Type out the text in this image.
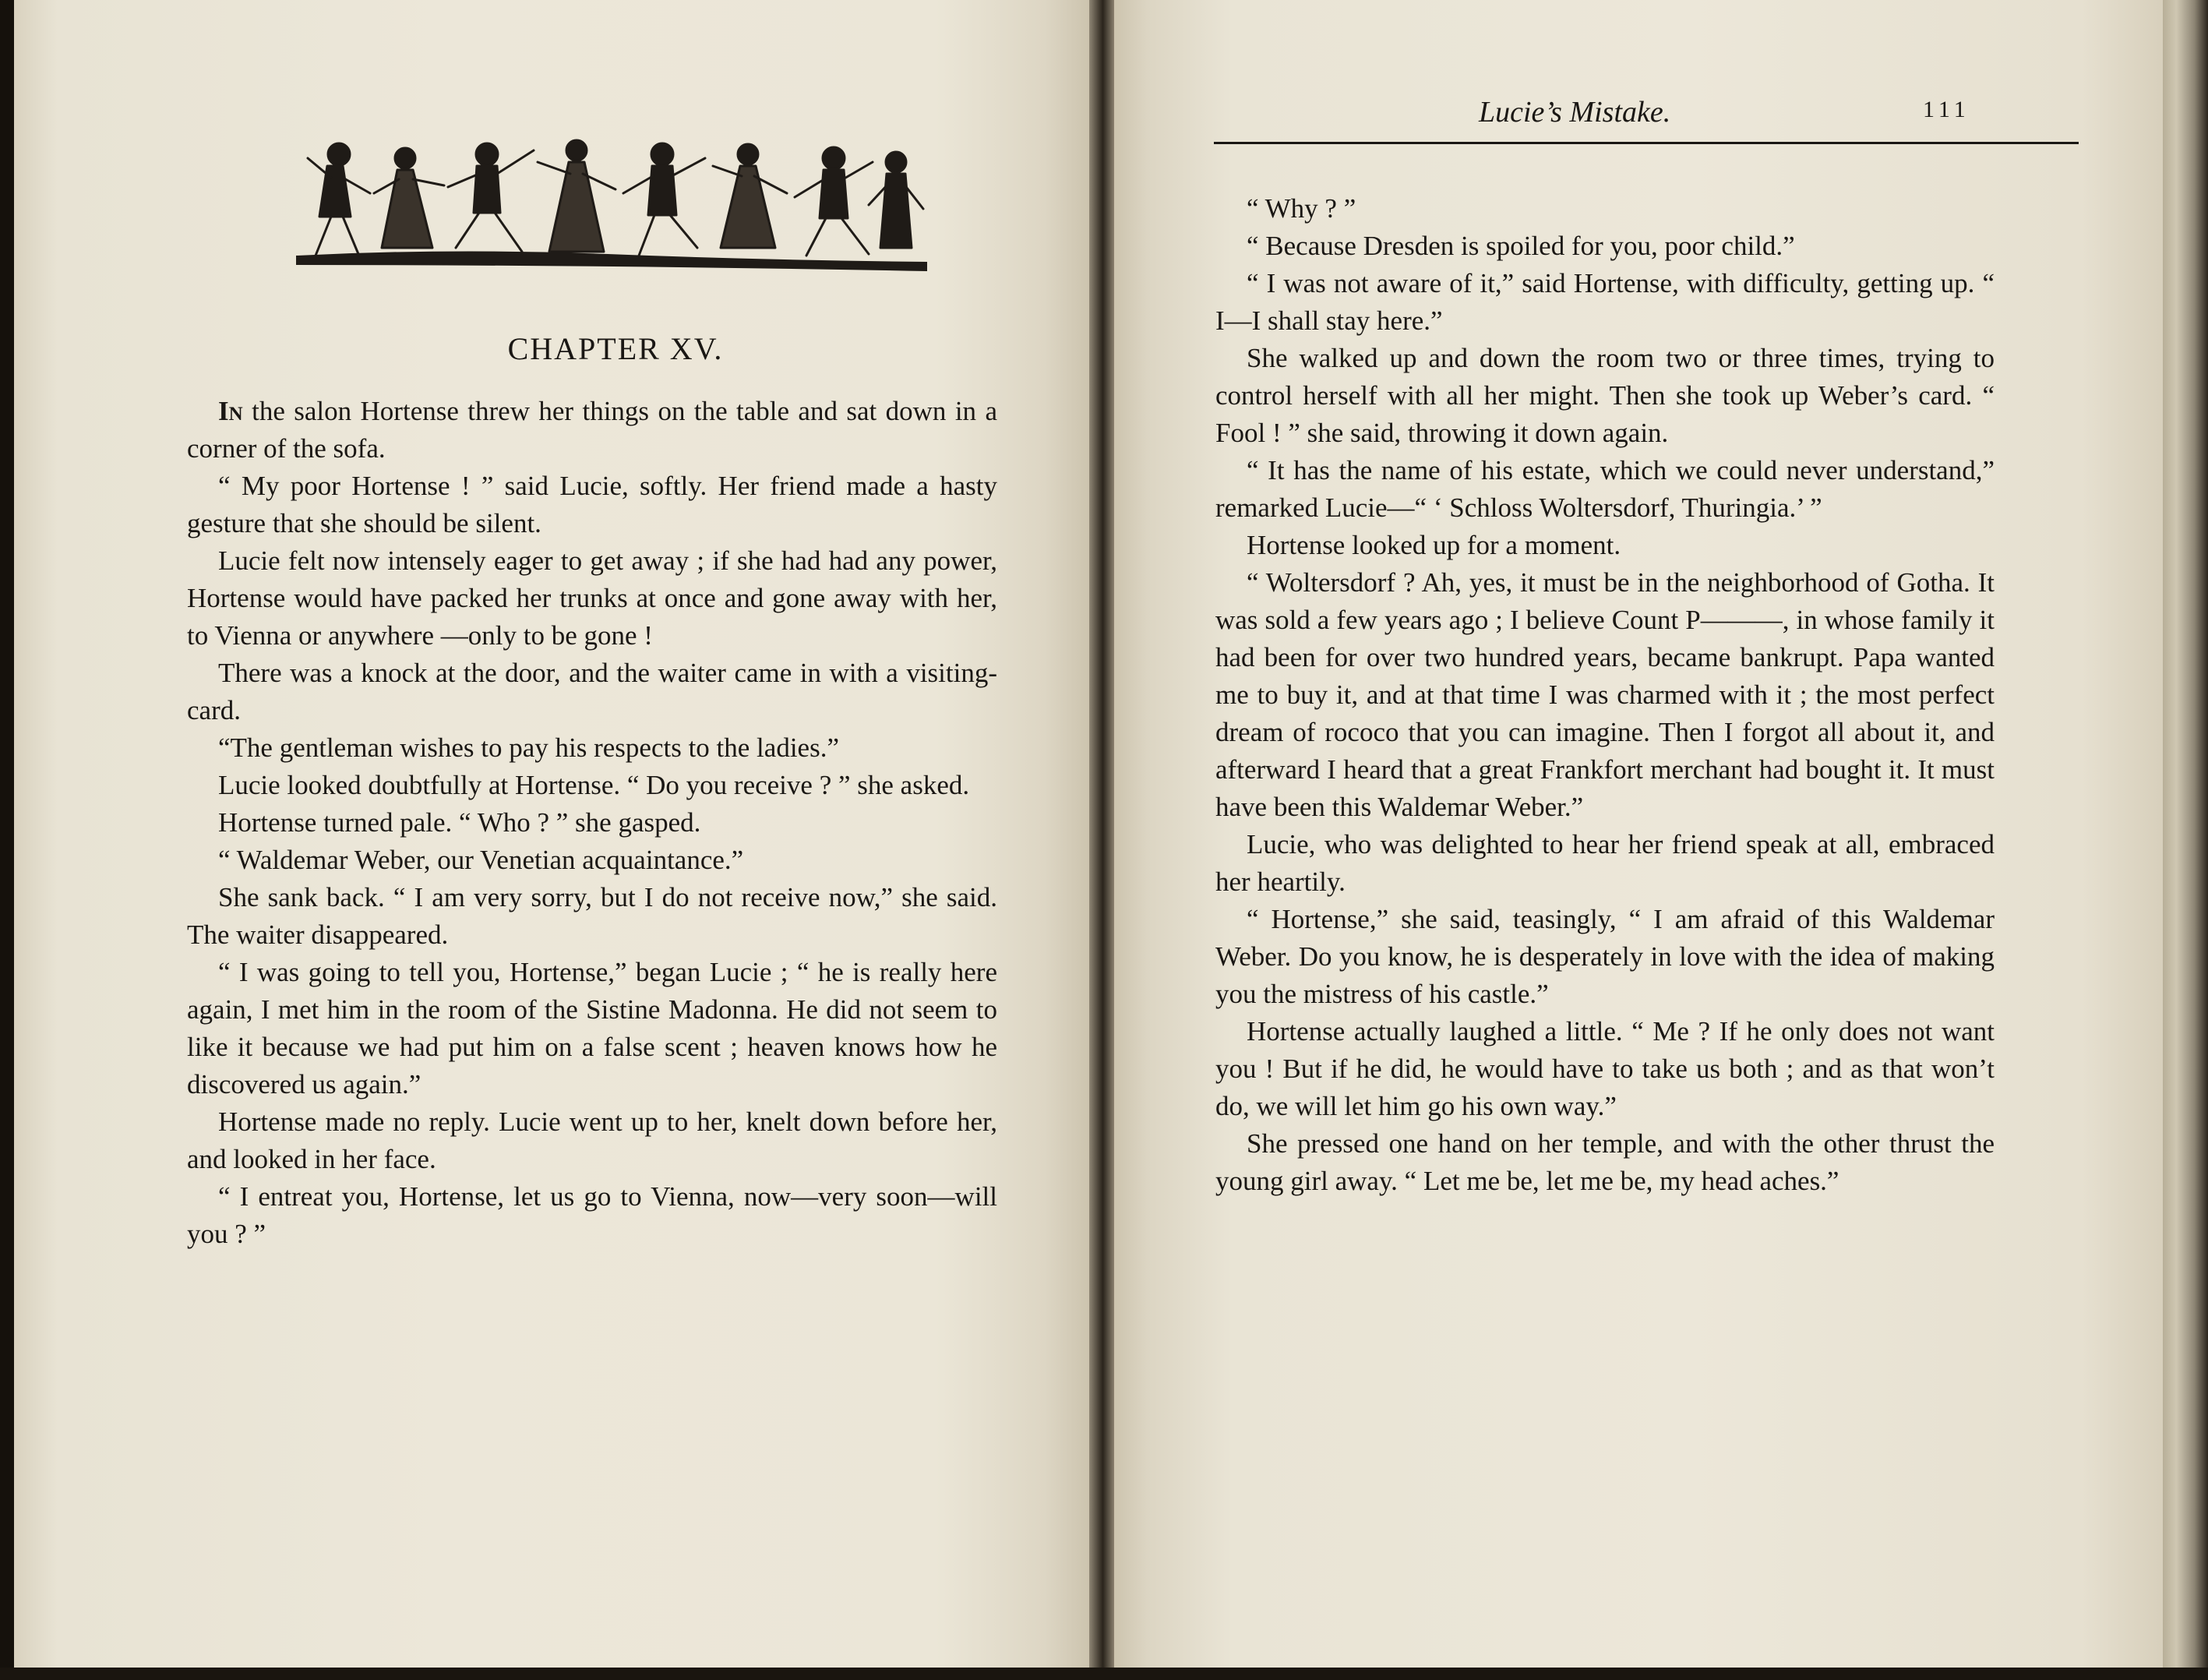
CHAPTER XV.

In the salon Hortense threw her things on the table and sat down in a corner of the sofa.

“ My poor Hortense ! ” said Lucie, softly. Her friend made a hasty gesture that she should be silent.

Lucie felt now intensely eager to get away ; if she had had any power, Hortense would have packed her trunks at once and gone away with her, to Vienna or anywhere —only to be gone !

There was a knock at the door, and the waiter came in with a visiting-card.

“The gentleman wishes to pay his respects to the ladies.”

Lucie looked doubtfully at Hortense. “ Do you receive ? ” she asked.

Hortense turned pale. “ Who ? ” she gasped.

“ Waldemar Weber, our Venetian acquaintance.”

She sank back. “ I am very sorry, but I do not receive now,” she said. The waiter disappeared.

“ I was going to tell you, Hortense,” began Lucie ; “ he is really here again, I met him in the room of the Sistine Madonna. He did not seem to like it because we had put him on a false scent ; heaven knows how he discovered us again.”

Hortense made no reply. Lucie went up to her, knelt down before her, and looked in her face.

“ I entreat you, Hortense, let us go to Vienna, now—very soon—will you ? ”

Lucie’s Mistake.	111

“ Why ? ”

“ Because Dresden is spoiled for you, poor child.”

“ I was not aware of it,” said Hortense, with difficulty, getting up. “ I—I shall stay here.”

She walked up and down the room two or three times, trying to control herself with all her might. Then she took up Weber’s card. “ Fool ! ” she said, throwing it down again.

“ It has the name of his estate, which we could never understand,” remarked Lucie—“ ‘ Schloss Woltersdorf, Thuringia.’ ”

Hortense looked up for a moment.

“ Woltersdorf ? Ah, yes, it must be in the neighborhood of Gotha. It was sold a few years ago ; I believe Count P———, in whose family it had been for over two hundred years, became bankrupt. Papa wanted me to buy it, and at that time I was charmed with it ; the most perfect dream of rococo that you can imagine. Then I forgot all about it, and afterward I heard that a great Frankfort merchant had bought it. It must have been this Waldemar Weber.”

Lucie, who was delighted to hear her friend speak at all, embraced her heartily.

“ Hortense,” she said, teasingly, “ I am afraid of this Waldemar Weber. Do you know, he is desperately in love with the idea of making you the mistress of his castle.”

Hortense actually laughed a little. “ Me ? If he only does not want you ! But if he did, he would have to take us both ; and as that won’t do, we will let him go his own way.”

She pressed one hand on her temple, and with the other thrust the young girl away. “ Let me be, let me be, my head aches.”
